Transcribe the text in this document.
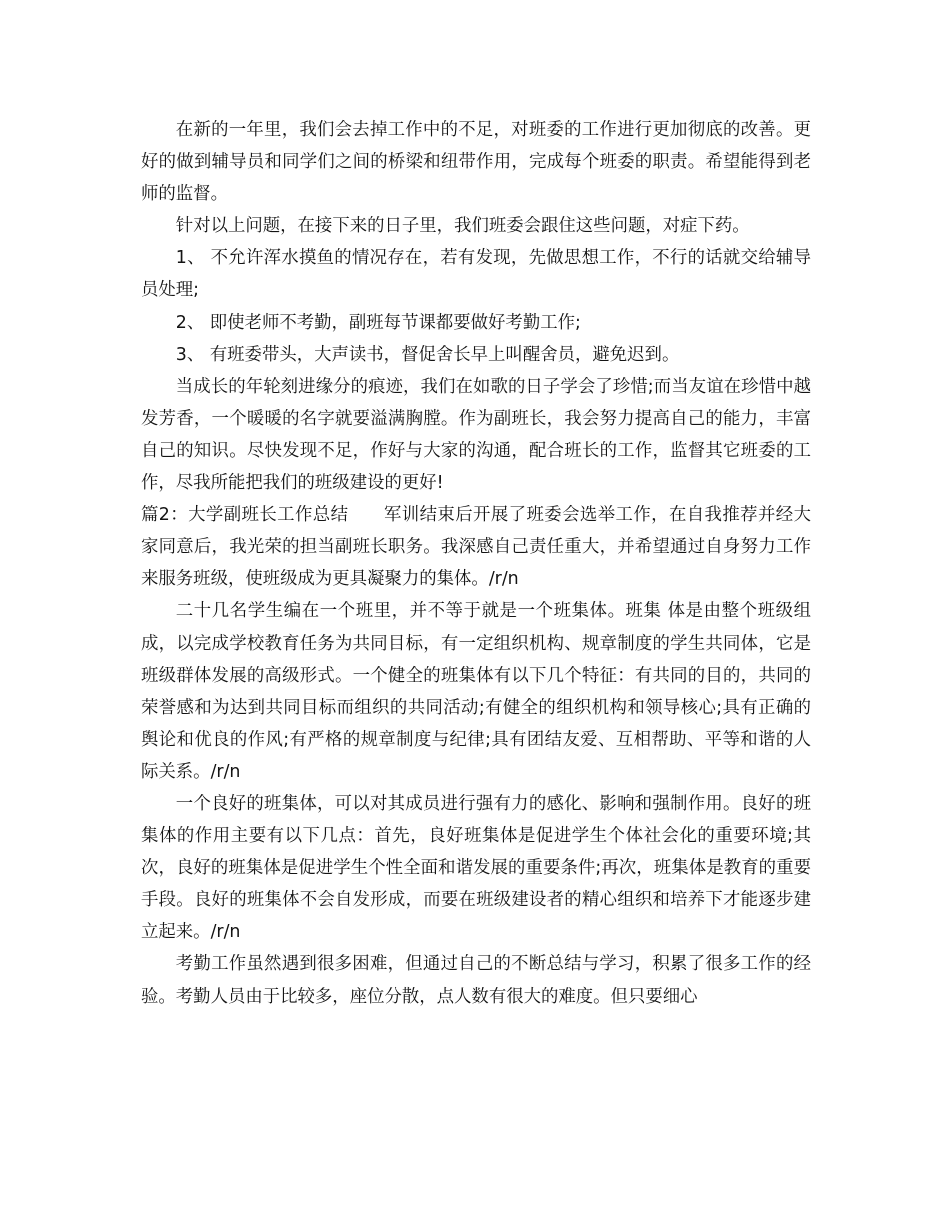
在新的一年里，我们会去掉工作中的不足，对班委的工作进行更加彻底的改善。更好的做到辅导员和同学们之间的桥梁和纽带作用，完成每个班委的职责。希望能得到老师的监督。

针对以上问题，在接下来的日子里，我们班委会跟住这些问题，对症下药。

1、 不允许浑水摸鱼的情况存在，若有发现，先做思想工作，不行的话就交给辅导员处理;

2、 即使老师不考勤，副班每节课都要做好考勤工作;

3、 有班委带头，大声读书，督促舍长早上叫醒舍员，避免迟到。

当成长的年轮刻进缘分的痕迹，我们在如歌的日子学会了珍惜;而当友谊在珍惜中越发芳香，一个暖暖的名字就要溢满胸膛。作为副班长，我会努力提高自己的能力，丰富自己的知识。尽快发现不足，作好与大家的沟通，配合班长的工作，监督其它班委的工作，尽我所能把我们的班级建设的更好!

篇2：大学副班长工作总结　　军训结束后开展了班委会选举工作，在自我推荐并经大家同意后，我光荣的担当副班长职务。我深感自己责任重大，并希望通过自身努力工作来服务班级，使班级成为更具凝聚力的集体。/r/n

二十几名学生编在一个班里，并不等于就是一个班集体。班集 体是由整个班级组成，以完成学校教育任务为共同目标，有一定组织机构、规章制度的学生共同体，它是班级群体发展的高级形式。一个健全的班集体有以下几个特征：有共同的目的，共同的荣誉感和为达到共同目标而组织的共同活动;有健全的组织机构和领导核心;具有正确的舆论和优良的作风;有严格的规章制度与纪律;具有团结友爱、互相帮助、平等和谐的人际关系。/r/n

一个良好的班集体，可以对其成员进行强有力的感化、影响和强制作用。良好的班集体的作用主要有以下几点：首先，良好班集体是促进学生个体社会化的重要环境;其次，良好的班集体是促进学生个性全面和谐发展的重要条件;再次，班集体是教育的重要手段。良好的班集体不会自发形成，而要在班级建设者的精心组织和培养下才能逐步建立起来。/r/n

考勤工作虽然遇到很多困难，但通过自己的不断总结与学习，积累了很多工作的经验。考勤人员由于比较多，座位分散，点人数有很大的难度。但只要细心
